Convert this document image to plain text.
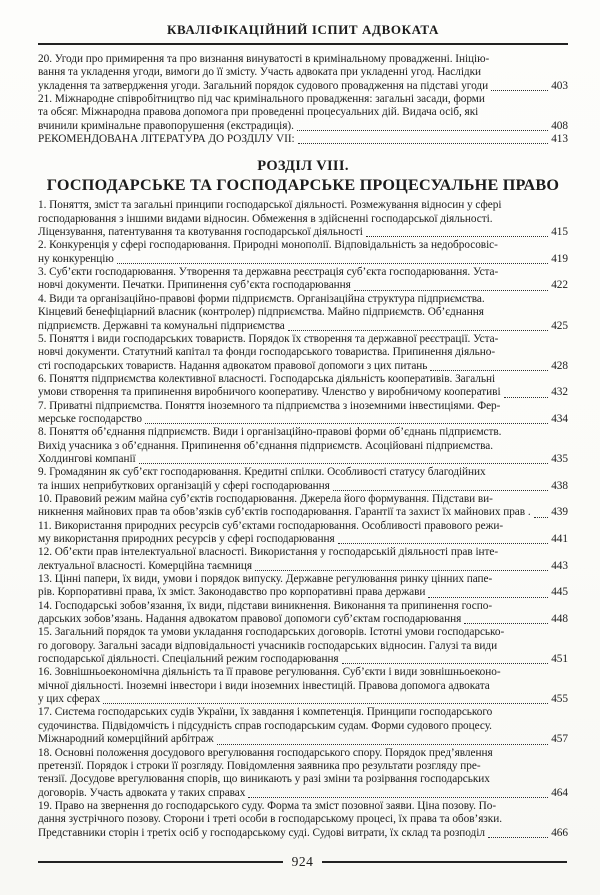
КВАЛІФІКАЦІЙНИЙ ІСПИТ АДВОКАТА
20. Угоди про примирення та про визнання винуватості в кримінальному провадженні. Ініцію-
вання та укладення угоди, вимоги до її змісту. Участь адвоката при укладенні угод. Наслідки
укладення та затвердження угоди. Загальний порядок судового провадження на підставі угоди	403
21. Міжнародне співробітництво під час кримінального провадження: загальні засади, форми
та обсяг. Міжнародна правова допомога при проведенні процесуальних дій. Видача осіб, які
вчинили кримінальне правопорушення (екстрадиція).	408
РЕКОМЕНДОВАНА ЛІТЕРАТУРА ДО РОЗДІЛУ VII:	413
РОЗДІЛ VIII.
ГОСПОДАРСЬКЕ ТА ГОСПОДАРСЬКЕ ПРОЦЕСУАЛЬНЕ ПРАВО
1. Поняття, зміст та загальні принципи господарської діяльності. Розмежування відносин у сфері
господарювання з іншими видами відносин. Обмеження в здійсненні господарської діяльності.
Ліцензування, патентування та квотування господарської діяльності	415
2. Конкуренція у сфері господарювання. Природні монополії. Відповідальність за недобросовіс-
ну конкуренцію	419
3. Суб’єкти господарювання. Утворення та державна реєстрація суб’єкта господарювання. Уста-
новчі документи. Печатки. Припинення суб’єкта господарювання	422
4. Види та організаційно-правові форми підприємств. Організаційна структура підприємства.
Кінцевий бенефіціарний власник (контролер) підприємства. Майно підприємств. Об’єднання
підприємств. Державні та комунальні підприємства	425
5. Поняття і види господарських товариств. Порядок їх створення та державної реєстрації. Уста-
новчі документи. Статутний капітал та фонди господарського товариства. Припинення діяльно-
сті господарських товариств. Надання адвокатом правової допомоги з цих питань	428
6. Поняття підприємства колективної власності. Господарська діяльність кооперативів. Загальні
умови створення та припинення виробничого кооперативу. Членство у виробничому кооперативі	432
7. Приватні підприємства. Поняття іноземного та підприємства з іноземними інвестиціями. Фер-
мерське господарство	434
8. Поняття об’єднання підприємств. Види і організаційно-правові форми об’єднань підприємств.
Вихід учасника з об’єднання. Припинення об’єднання підприємств. Асоційовані підприємства.
Холдингові компанії	435
9. Громадянин як суб’єкт господарювання. Кредитні спілки. Особливості статусу благодійних
та інших неприбуткових організацій у сфері господарювання	438
10. Правовий режим майна суб’єктів господарювання. Джерела його формування. Підстави ви-
никнення майнових прав та обов’язків суб’єктів господарювання. Гарантії та захист їх майнових прав . 439
11. Використання природних ресурсів суб’єктами господарювання. Особливості правового режи-
му використання природних ресурсів у сфері господарювання	441
12. Об’єкти прав інтелектуальної власності. Використання у господарській діяльності прав інте-
лектуальної власності. Комерційна таємниця	443
13. Цінні папери, їх види, умови і порядок випуску. Державне регулювання ринку цінних папе-
рів. Корпоративні права, їх зміст. Законодавство про корпоративні права держави	445
14. Господарські зобов’язання, їх види, підстави виникнення. Виконання та припинення госпо-
дарських зобов’язань. Надання адвокатом правової допомоги суб’єктам господарювання	448
15. Загальний порядок та умови укладання господарських договорів. Істотні умови господарсько-
го договору. Загальні засади відповідальності учасників господарських відносин. Галузі та види
господарської діяльності. Спеціальний режим господарювання	451
16. Зовнішньоекономічна діяльність та її правове регулювання. Суб’єкти і види зовнішньоеконо-
мічної діяльності. Іноземні інвестори і види іноземних інвестицій. Правова допомога адвоката
у цих сферах	455
17. Система господарських судів України, їх завдання і компетенція. Принципи господарського
судочинства. Підвідомчість і підсудність справ господарським судам. Форми судового процесу.
Міжнародний комерційний арбітраж	457
18. Основні положення досудового врегулювання господарського спору. Порядок пред’явлення
претензії. Порядок і строки її розгляду. Повідомлення заявника про результати розгляду пре-
тензії. Досудове врегулювання спорів, що виникають у разі зміни та розірвання господарських
договорів. Участь адвоката у таких справах	464
19. Право на звернення до господарського суду. Форма та зміст позовної заяви. Ціна позову. По-
дання зустрічного позову. Сторони і треті особи в господарському процесі, їх права та обов’язки.
Представники сторін і третіх осіб у господарському суді. Судові витрати, їх склад та розподіл	466
924
